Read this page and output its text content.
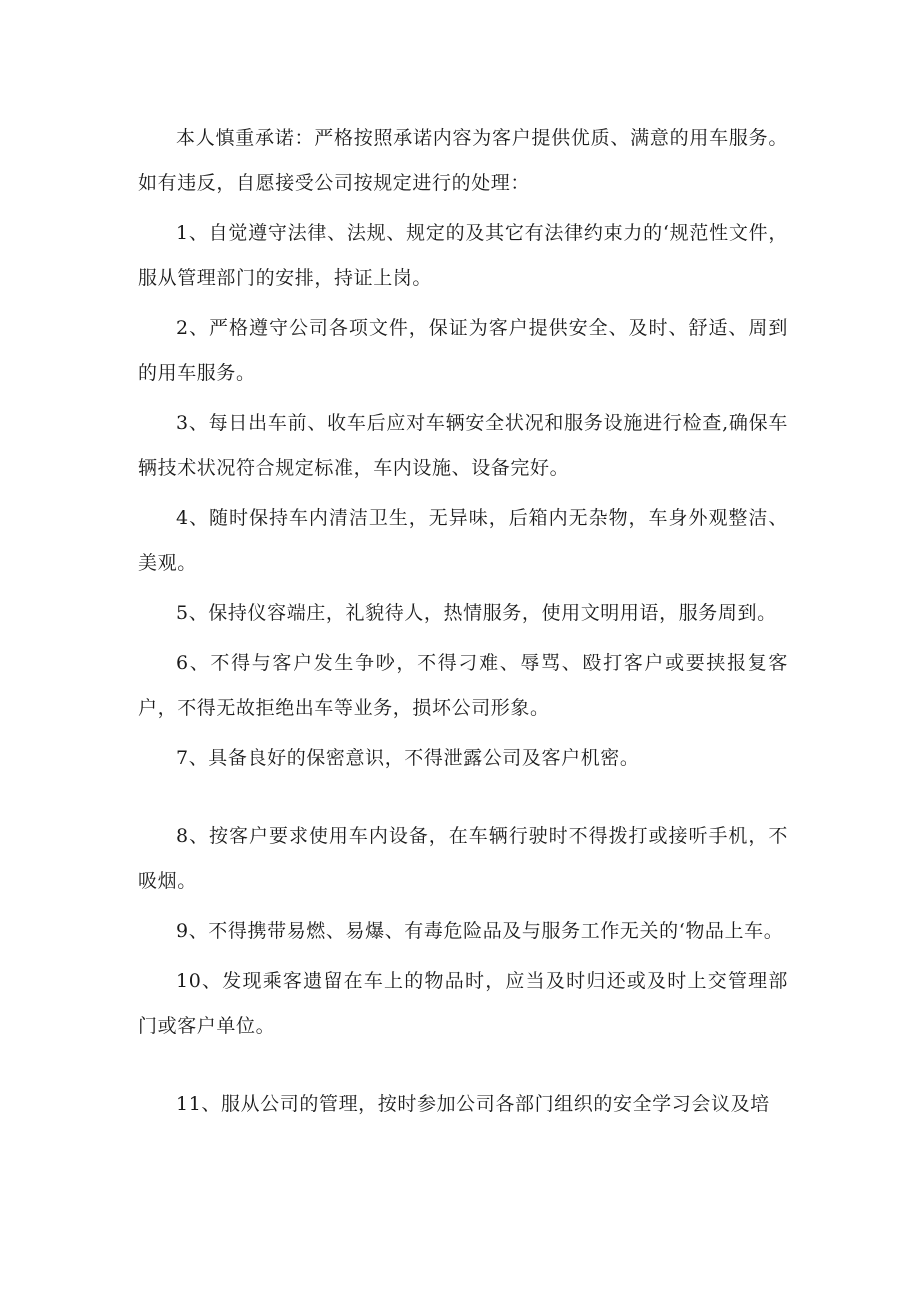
本人慎重承诺：严格按照承诺内容为客户提供优质、满意的用车服务。如有违反，自愿接受公司按规定进行的处理：

1、自觉遵守法律、法规、规定的及其它有法律约束力的‘规范性文件，服从管理部门的安排，持证上岗。

2、严格遵守公司各项文件，保证为客户提供安全、及时、舒适、周到的用车服务。

3、每日出车前、收车后应对车辆安全状况和服务设施进行检查,确保车辆技术状况符合规定标准，车内设施、设备完好。

4、随时保持车内清洁卫生，无异味，后箱内无杂物，车身外观整洁、美观。

5、保持仪容端庄，礼貌待人，热情服务，使用文明用语，服务周到。

6、不得与客户发生争吵，不得刁难、辱骂、殴打客户或要挟报复客户，不得无故拒绝出车等业务，损坏公司形象。

7、具备良好的保密意识，不得泄露公司及客户机密。

8、按客户要求使用车内设备，在车辆行驶时不得拨打或接听手机，不吸烟。

9、不得携带易燃、易爆、有毒危险品及与服务工作无关的‘物品上车。

10、发现乘客遗留在车上的物品时，应当及时归还或及时上交管理部门或客户单位。

11、服从公司的管理，按时参加公司各部门组织的安全学习会议及培
